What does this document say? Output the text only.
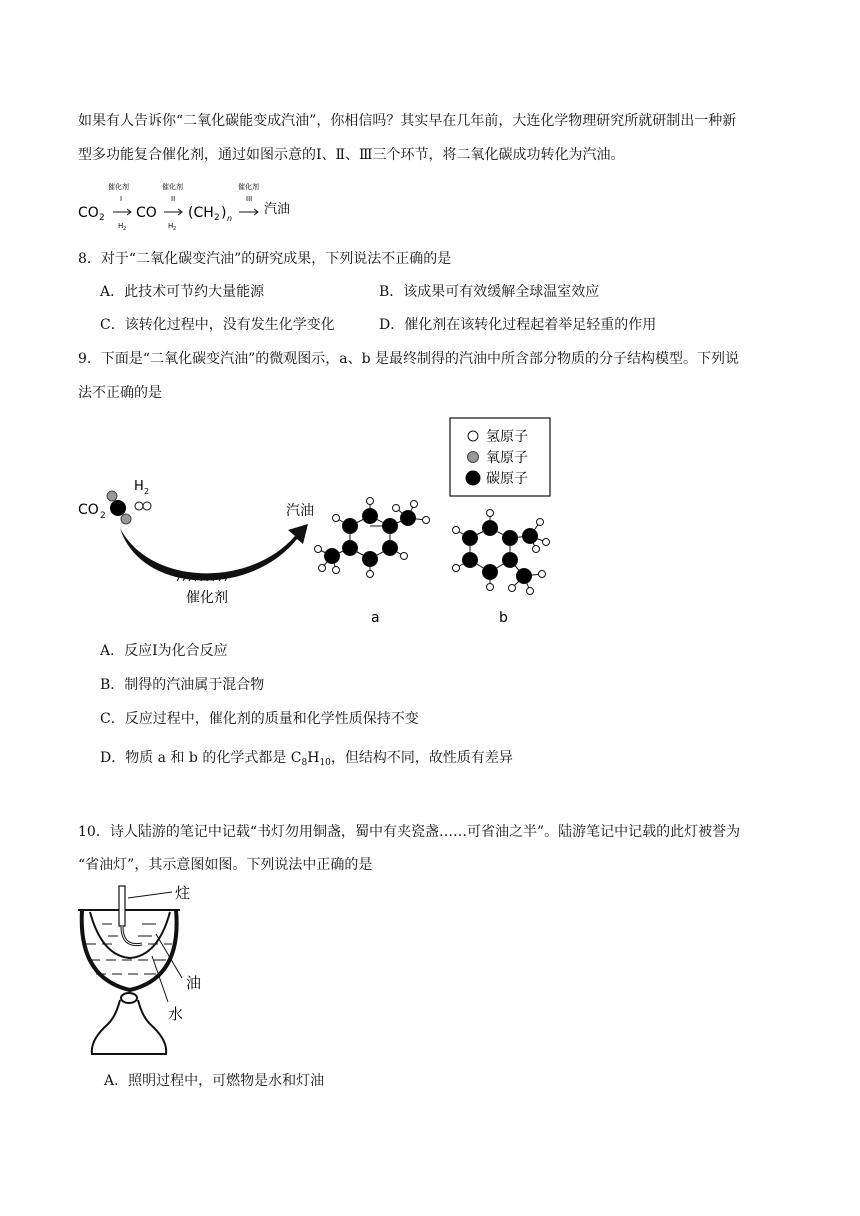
如果有人告诉你“二氧化碳能变成汽油”，你相信吗？其实早在几年前，大连化学物理研究所就研制出一种新
型多功能复合催化剂，通过如图示意的Ⅰ、Ⅱ、Ⅲ三个环节，将二氧化碳成功转化为汽油。
CO 2
催化剂
I
H 2
CO
催化剂
II
H 2
(CH 2 ) n
催化剂
III
汽油
8．对于“二氧化碳变汽油”的研究成果，下列说法不正确的是
A．此技术可节约大量能源	B．该成果可有效缓解全球温室效应
C．该转化过程中，没有发生化学变化	D．催化剂在该转化过程起着举足轻重的作用
9．下面是“二氧化碳变汽油”的微观图示，a、b 是最终制得的汽油中所含部分物质的分子结构模型。下列说
法不正确的是
氢原子
氧原子
碳原子
CO 2
H 2
汽油
催化剂
a	b
A．反应Ⅰ为化合反应
B．制得的汽油属于混合物
C．反应过程中，催化剂的质量和化学性质保持不变
D．物质 a 和 b 的化学式都是 $C_8H_{10}$，但结构不同，故性质有差异
10．诗人陆游的笔记中记载“书灯勿用铜盏，蜀中有夹瓷盏……可省油之半”。陆游笔记中记载的此灯被誉为
“省油灯”，其示意图如图。下列说法中正确的是
炷
油
水
A．照明过程中，可燃物是水和灯油
